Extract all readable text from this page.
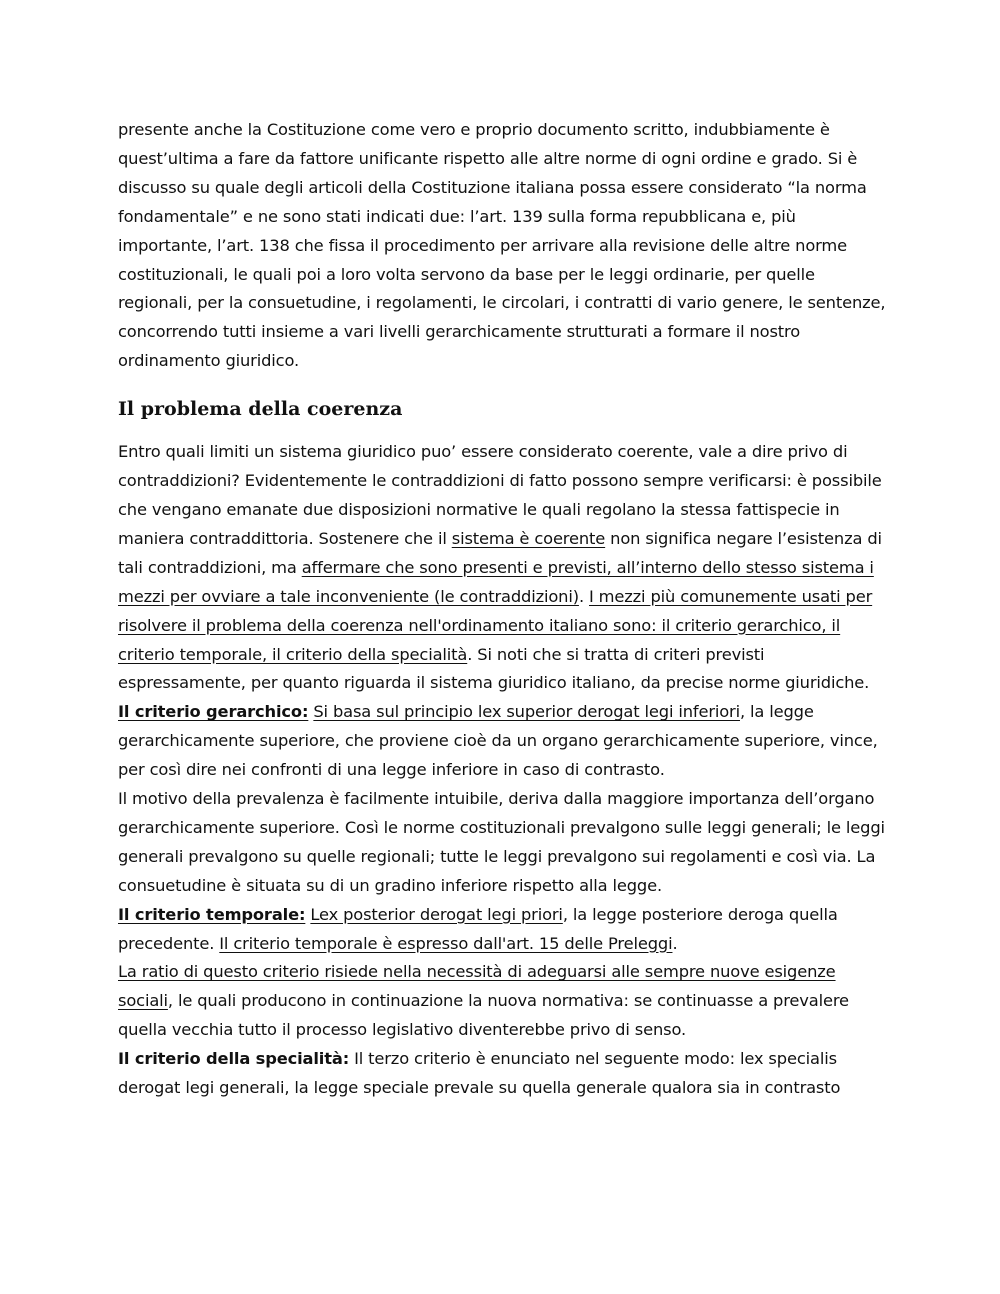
presente anche la Costituzione come vero e proprio documento scritto, indubbiamente è quest’ultima a fare da fattore unificante rispetto alle altre norme di ogni ordine e grado. Si è discusso su quale degli articoli della Costituzione italiana possa essere considerato “la norma fondamentale” e ne sono stati indicati due: l’art. 139 sulla forma repubblicana e, più importante, l’art. 138 che fissa il procedimento per arrivare alla revisione delle altre norme costituzionali, le quali poi a loro volta servono da base per le leggi ordinarie, per quelle regionali, per la consuetudine, i regolamenti, le circolari, i contratti di vario genere, le sentenze, concorrendo tutti insieme a vari livelli gerarchicamente strutturati a formare il nostro ordinamento giuridico.

Il problema della coerenza

Entro quali limiti un sistema giuridico puo’ essere considerato coerente, vale a dire privo di contraddizioni? Evidentemente le contraddizioni di fatto possono sempre verificarsi: è possibile che vengano emanate due disposizioni normative le quali regolano la stessa fattispecie in maniera contraddittoria. Sostenere che il sistema è coerente non significa negare l’esistenza di tali contraddizioni, ma affermare che sono presenti e previsti, all’interno dello stesso sistema i mezzi per ovviare a tale inconveniente (le contraddizioni). I mezzi più comunemente usati per risolvere il problema della coerenza nell'ordinamento italiano sono: il criterio gerarchico, il criterio temporale, il criterio della specialità. Si noti che si tratta di criteri previsti espressamente, per quanto riguarda il sistema giuridico italiano, da precise norme giuridiche.

Il criterio gerarchico: Si basa sul principio lex superior derogat legi inferiori, la legge gerarchicamente superiore, che proviene cioè da un organo gerarchicamente superiore, vince, per così dire nei confronti di una legge inferiore in caso di contrasto.

Il motivo della prevalenza è facilmente intuibile, deriva dalla maggiore importanza dell’organo gerarchicamente superiore. Così le norme costituzionali prevalgono sulle leggi generali; le leggi generali prevalgono su quelle regionali; tutte le leggi prevalgono sui regolamenti e così via. La consuetudine è situata su di un gradino inferiore rispetto alla legge.

Il criterio temporale: Lex posterior derogat legi priori, la legge posteriore deroga quella precedente. Il criterio temporale è espresso dall'art. 15 delle Preleggi.

La ratio di questo criterio risiede nella necessità di adeguarsi alle sempre nuove esigenze sociali, le quali producono in continuazione la nuova normativa: se continuasse a prevalere quella vecchia tutto il processo legislativo diventerebbe privo di senso.

Il criterio della specialità: Il terzo criterio è enunciato nel seguente modo: lex specialis derogat legi generali, la legge speciale prevale su quella generale qualora sia in contrasto
